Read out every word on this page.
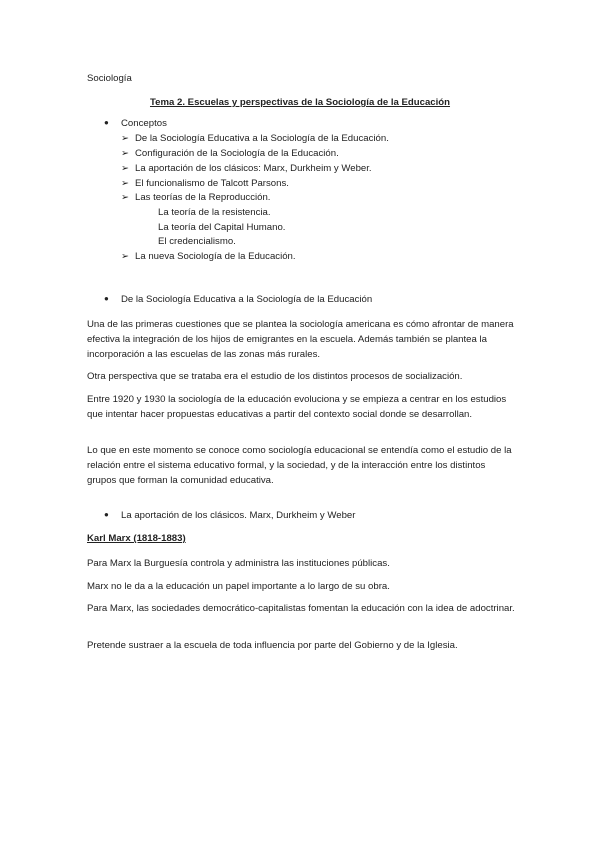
Sociología
Tema 2. Escuelas y perspectivas de la Sociología de la Educación
● Conceptos
➢ De la Sociología Educativa a la Sociología de la Educación.
➢ Configuración de la Sociología de la Educación.
➢ La aportación de los clásicos: Marx, Durkheim y Weber.
➢ El funcionalismo de Talcott Parsons.
➢ Las teorías de la Reproducción.
La teoría de la resistencia.
La teoría del Capital Humano.
El credencialismo.
➢ La nueva Sociología de la Educación.
● De la Sociología Educativa a la Sociología de la Educación
Una de las primeras cuestiones que se plantea la sociología americana es cómo afrontar de manera efectiva la integración de los hijos de emigrantes en la escuela. Además también se plantea la incorporación a las escuelas de las zonas más rurales.
Otra perspectiva que se trataba era el estudio de los distintos procesos de socialización.
Entre 1920 y 1930 la sociología de la educación evoluciona y se empieza a centrar en los estudios que intentar hacer propuestas educativas a partir del contexto social donde se desarrollan.
Lo que en este momento se conoce como sociología educacional se entendía como el estudio de la relación entre el sistema educativo formal, y la sociedad, y de la interacción entre los distintos grupos que forman la comunidad educativa.
● La aportación de los clásicos. Marx, Durkheim y Weber
Karl Marx (1818-1883)
Para Marx la Burguesía controla y administra las instituciones públicas.
Marx no le da a la educación un papel importante a lo largo de su obra.
Para Marx, las sociedades democrático-capitalistas fomentan la educación con la idea de adoctrinar.
Pretende sustraer a la escuela de toda influencia por parte del Gobierno y de la Iglesia.
